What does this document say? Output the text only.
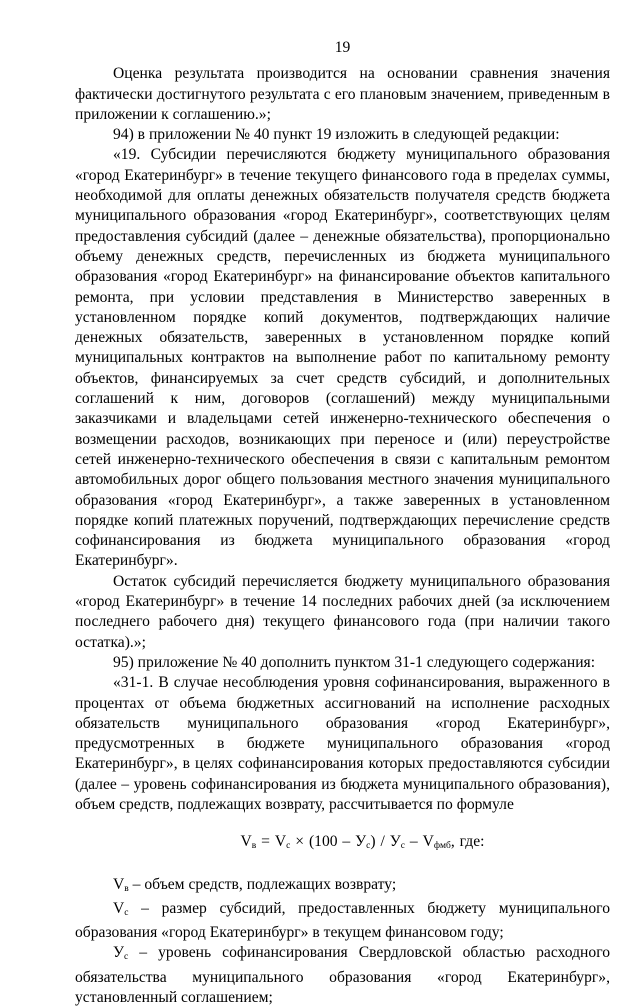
19

Оценка результата производится на основании сравнения значения фактически достигнутого результата с его плановым значением, приведенным в приложении к соглашению.»;

94) в приложении № 40 пункт 19 изложить в следующей редакции:

«19. Субсидии перечисляются бюджету муниципального образования «город Екатеринбург» в течение текущего финансового года в пределах суммы, необходимой для оплаты денежных обязательств получателя средств бюджета муниципального образования «город Екатеринбург», соответствующих целям предоставления субсидий (далее – денежные обязательства), пропорционально объему денежных средств, перечисленных из бюджета муниципального образования «город Екатеринбург» на финансирование объектов капитального ремонта, при условии представления в Министерство заверенных в установленном порядке копий документов, подтверждающих наличие денежных обязательств, заверенных в установленном порядке копий муниципальных контрактов на выполнение работ по капитальному ремонту объектов, финансируемых за счет средств субсидий, и дополнительных соглашений к ним, договоров (соглашений) между муниципальными заказчиками и владельцами сетей инженерно-технического обеспечения о возмещении расходов, возникающих при переносе и (или) переустройстве сетей инженерно-технического обеспечения в связи с капитальным ремонтом автомобильных дорог общего пользования местного значения муниципального образования «город Екатеринбург», а также заверенных в установленном порядке копий платежных поручений, подтверждающих перечисление средств софинансирования из бюджета муниципального образования «город Екатеринбург».

Остаток субсидий перечисляется бюджету муниципального образования «город Екатеринбург» в течение 14 последних рабочих дней (за исключением последнего рабочего дня) текущего финансового года (при наличии такого остатка).»;

95) приложение № 40 дополнить пунктом 31-1 следующего содержания:

«31-1. В случае несоблюдения уровня софинансирования, выраженного в процентах от объема бюджетных ассигнований на исполнение расходных обязательств муниципального образования «город Екатеринбург», предусмотренных в бюджете муниципального образования «город Екатеринбург», в целях софинансирования которых предоставляются субсидии (далее – уровень софинансирования из бюджета муниципального образования), объем средств, подлежащих возврату, рассчитывается по формуле

$V_в = V_с \times (100 - У_с) / У_с - V_{фмб}$, где:

$V_в$ – объем средств, подлежащих возврату;

$V_с$ – размер субсидий, предоставленных бюджету муниципального образования «город Екатеринбург» в текущем финансовом году;

$У_с$ – уровень софинансирования Свердловской областью расходного обязательства муниципального образования «город Екатеринбург», установленный соглашением;
